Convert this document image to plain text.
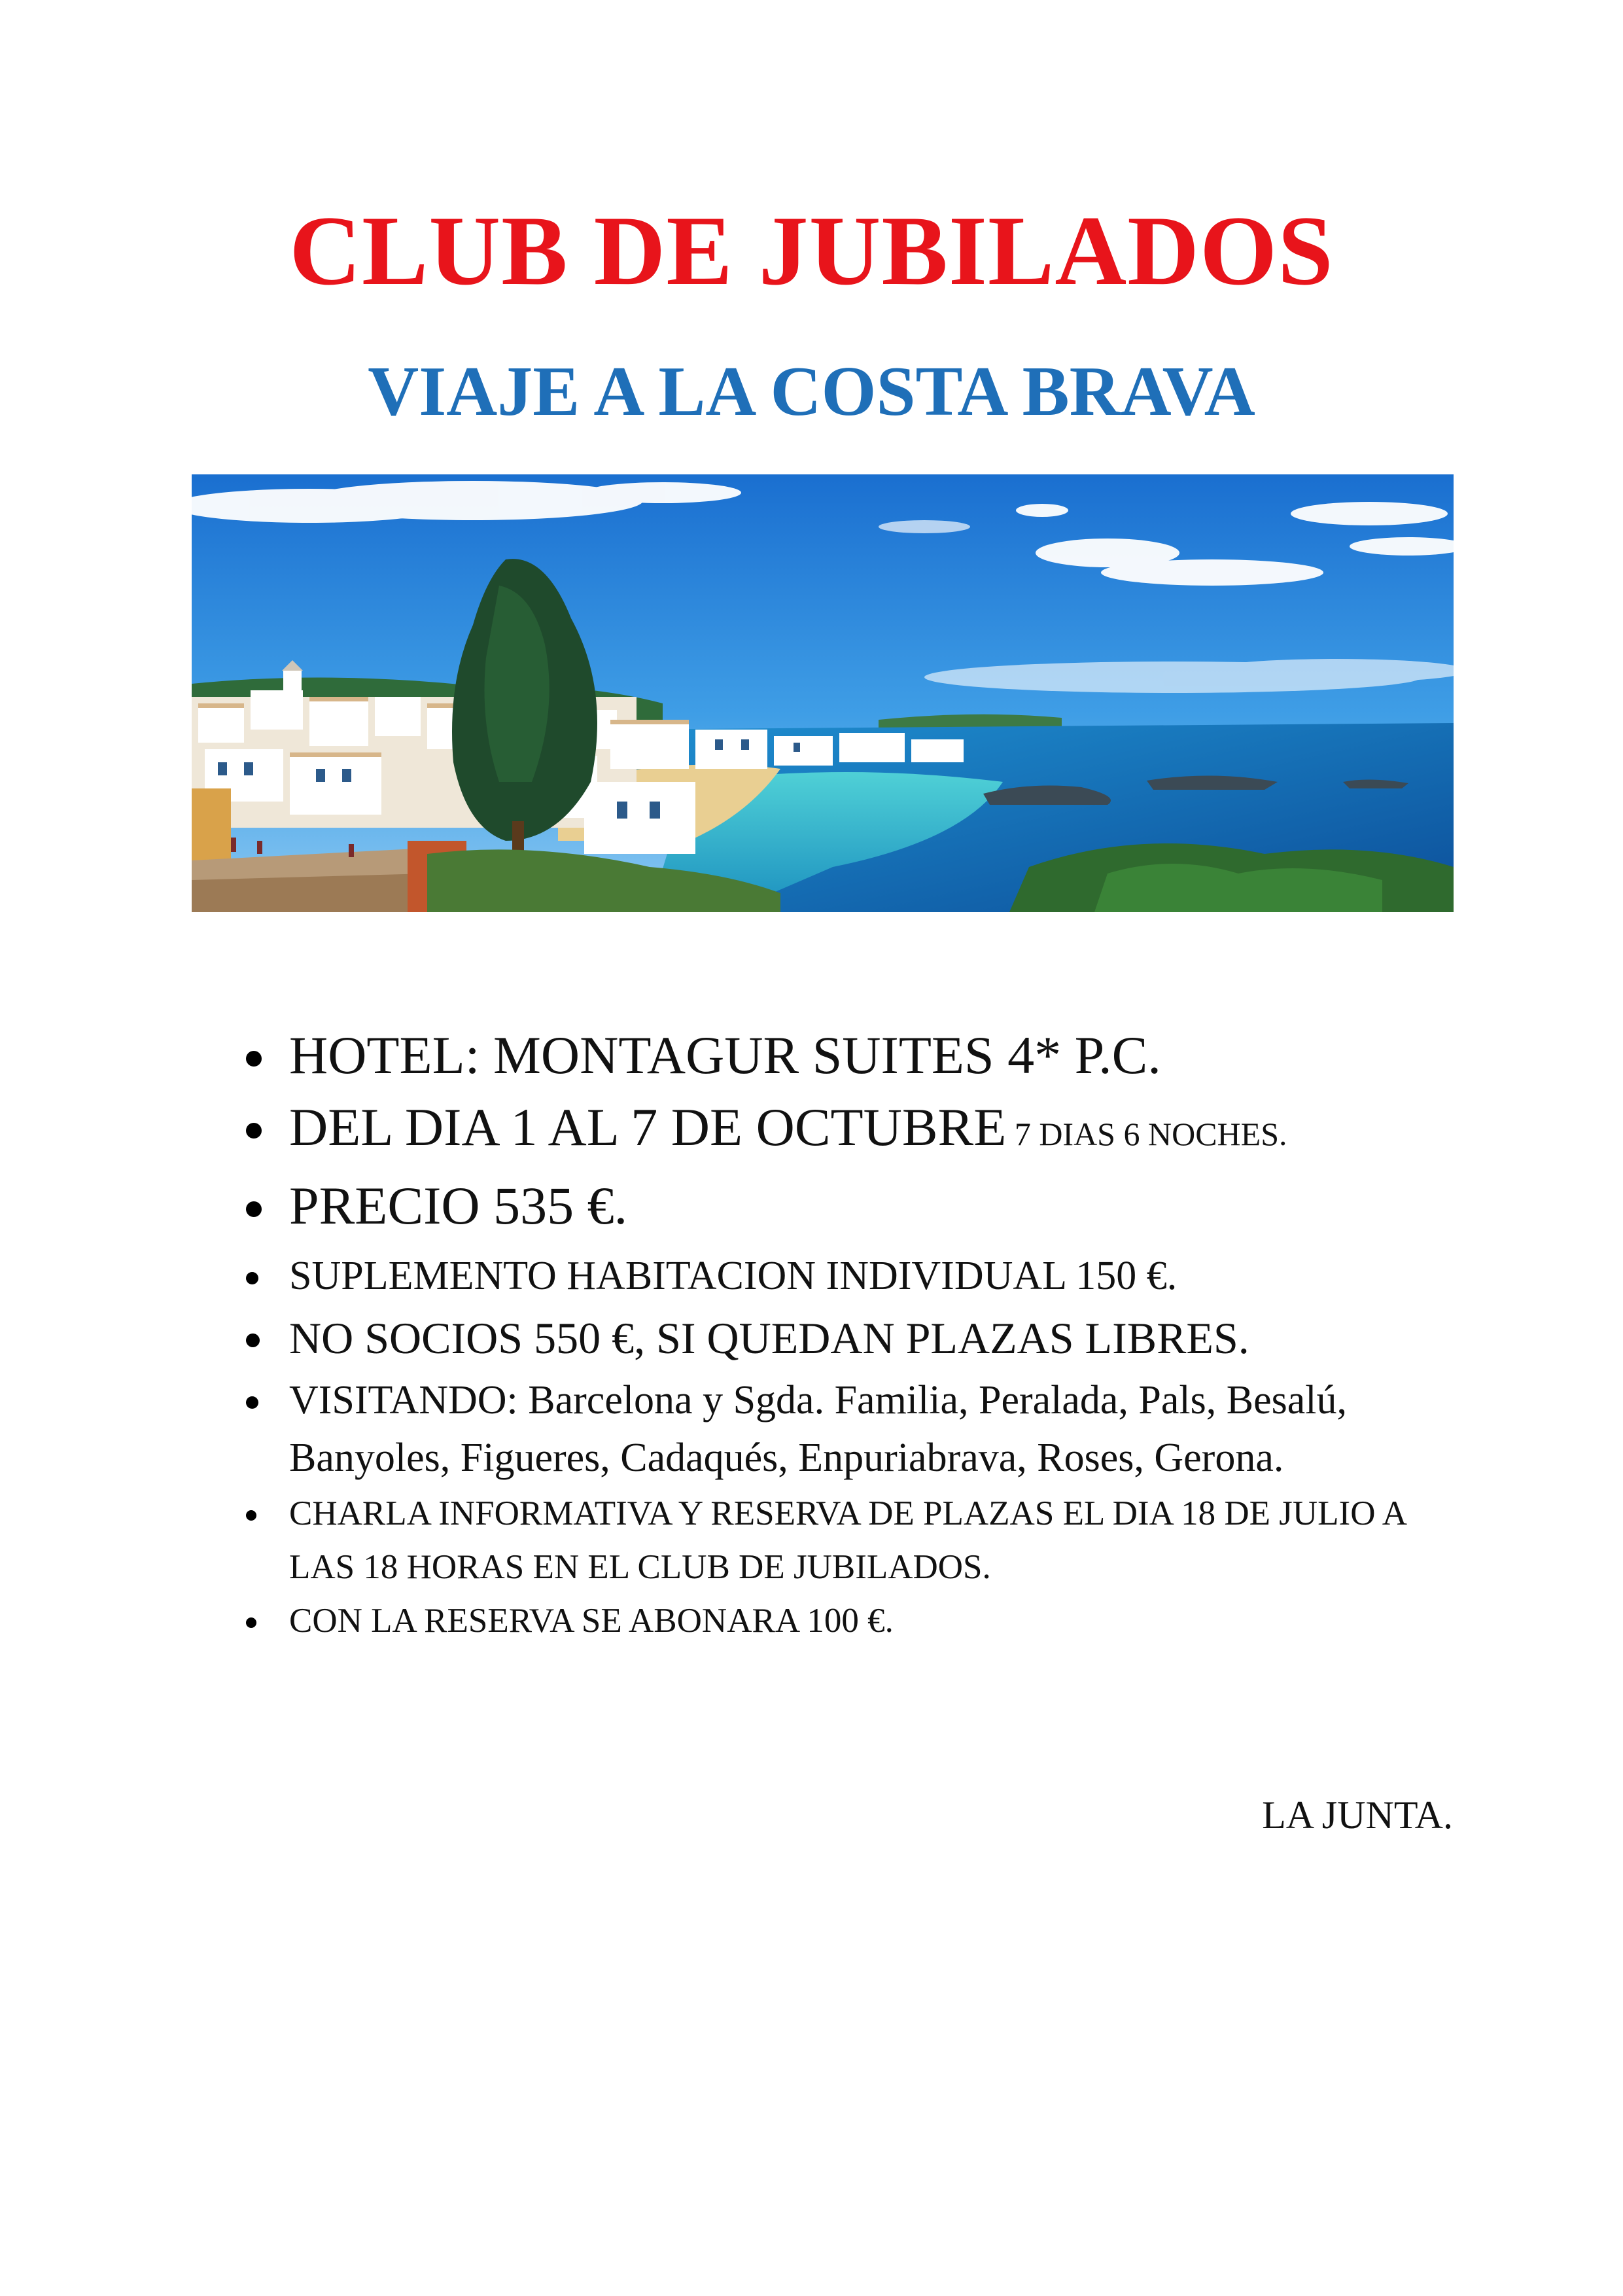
CLUB DE JUBILADOS
VIAJE A LA COSTA BRAVA
HOTEL: MONTAGUR SUITES 4* P.C.
DEL DIA 1 AL 7 DE OCTUBRE 7 DIAS 6 NOCHES.
PRECIO 535 €.
SUPLEMENTO HABITACION INDIVIDUAL 150 €.
NO SOCIOS 550 €, SI QUEDAN PLAZAS LIBRES.
VISITANDO: Barcelona y Sgda. Familia, Peralada, Pals, Besalú, Banyoles, Figueres, Cadaqués, Enpuriabrava, Roses, Gerona.
CHARLA INFORMATIVA Y RESERVA DE PLAZAS EL DIA 18 DE JULIO A LAS 18 HORAS EN EL CLUB DE JUBILADOS.
CON LA RESERVA SE ABONARA 100 €.
LA JUNTA.
